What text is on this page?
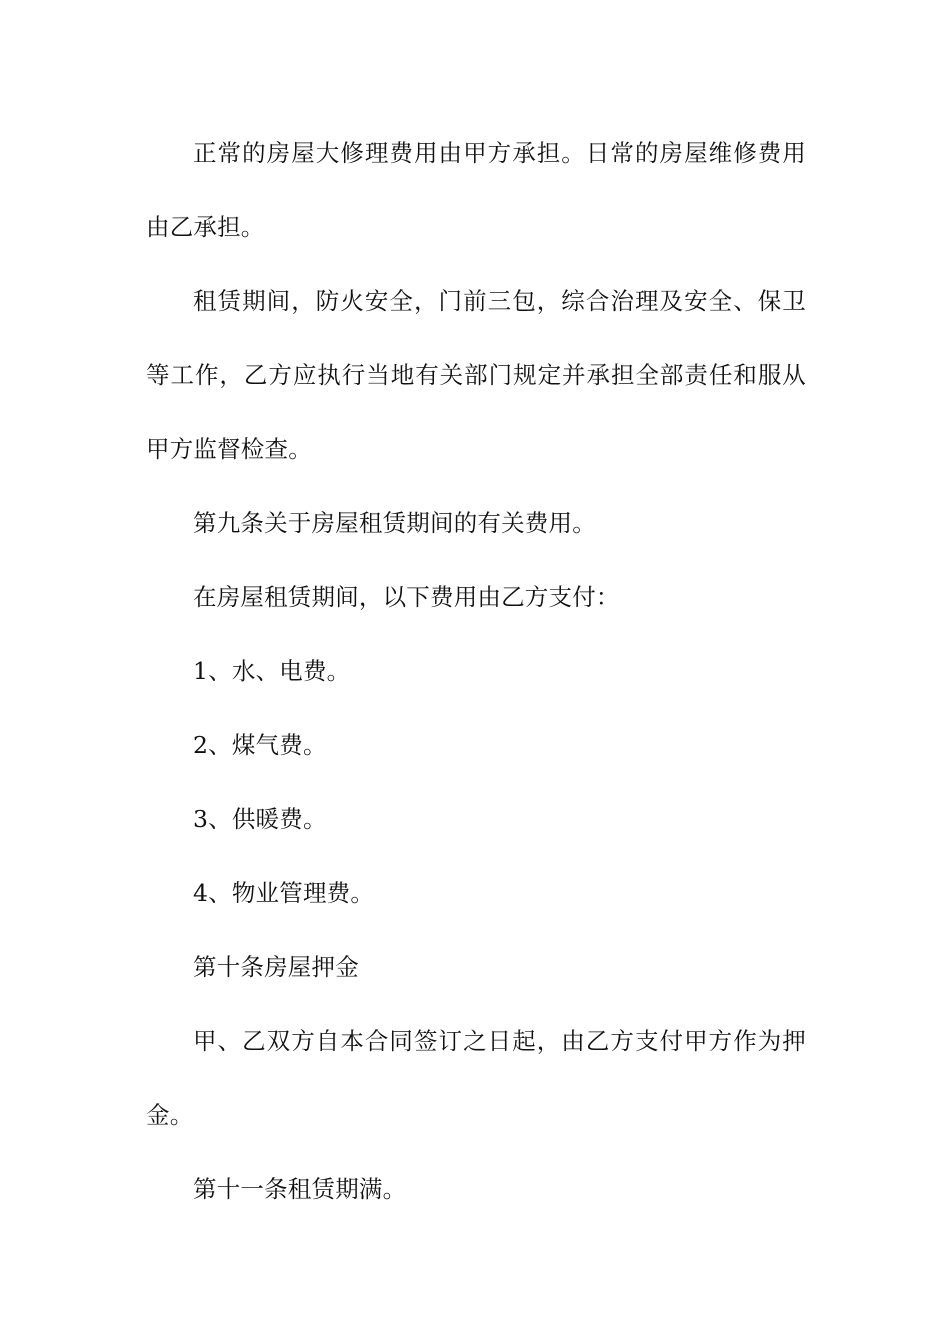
正常的房屋大修理费用由甲方承担。日常的房屋维修费用由乙承担。

租赁期间，防火安全，门前三包，综合治理及安全、保卫等工作，乙方应执行当地有关部门规定并承担全部责任和服从甲方监督检查。

第九条关于房屋租赁期间的有关费用。

在房屋租赁期间，以下费用由乙方支付：

1、水、电费。

2、煤气费。

3、供暖费。

4、物业管理费。

第十条房屋押金

甲、乙双方自本合同签订之日起，由乙方支付甲方作为押金。

第十一条租赁期满。
